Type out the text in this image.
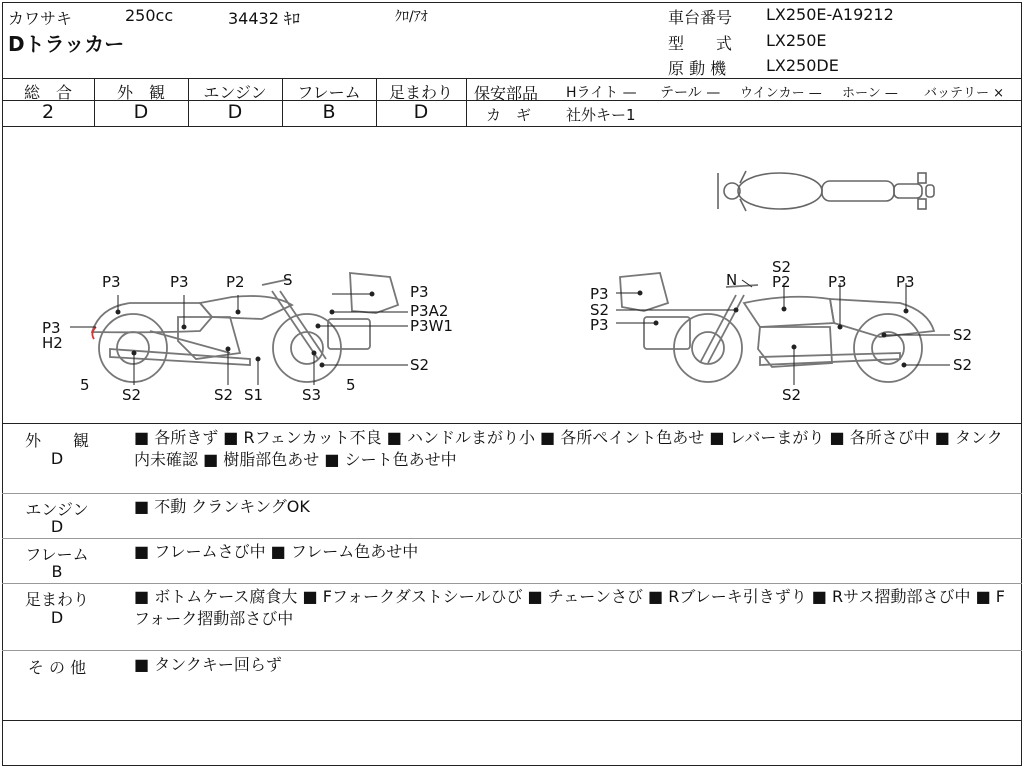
カワサキ	250cc	34432 ｷﾛ	ｸﾛ/ｱｵ
Dトラッカー
車台番号 LX250E-A19212
型　　式 LX250E
原 動 機 LX250DE
総　合	外　観	エンジン	フレーム	足まわり
2	D	D	B	D
保安部品 Hライト — テール — ウインカー — ホーン — バッテリー ×
カ　ギ 社外キー1
P3	P3 P2	S
P3
P3A2
P3W1
P3
H2
5
S2	S2 S1	S3
5
S2
S2
N P2 P3	P3
P3
S2
P3
S2
S2
S2
外　　観
D
■ 各所きず ■ Rフェンカット不良 ■ ハンドルまがり小 ■ 各所ペイント色あせ ■ レバーまがり ■ 各所さび中 ■ タンク内未確認 ■ 樹脂部色あせ ■ シート色あせ中
エンジン
D
■ 不動 クランキングOK
フレーム
B
■ フレームさび中 ■ フレーム色あせ中
足まわり
D
■ ボトムケース腐食大 ■ Fフォークダストシールひび ■ チェーンさび ■ Rブレーキ引きずり ■ Rサス摺動部さび中 ■ Fフォーク摺動部さび中
そ の 他	■ タンクキー回らず
